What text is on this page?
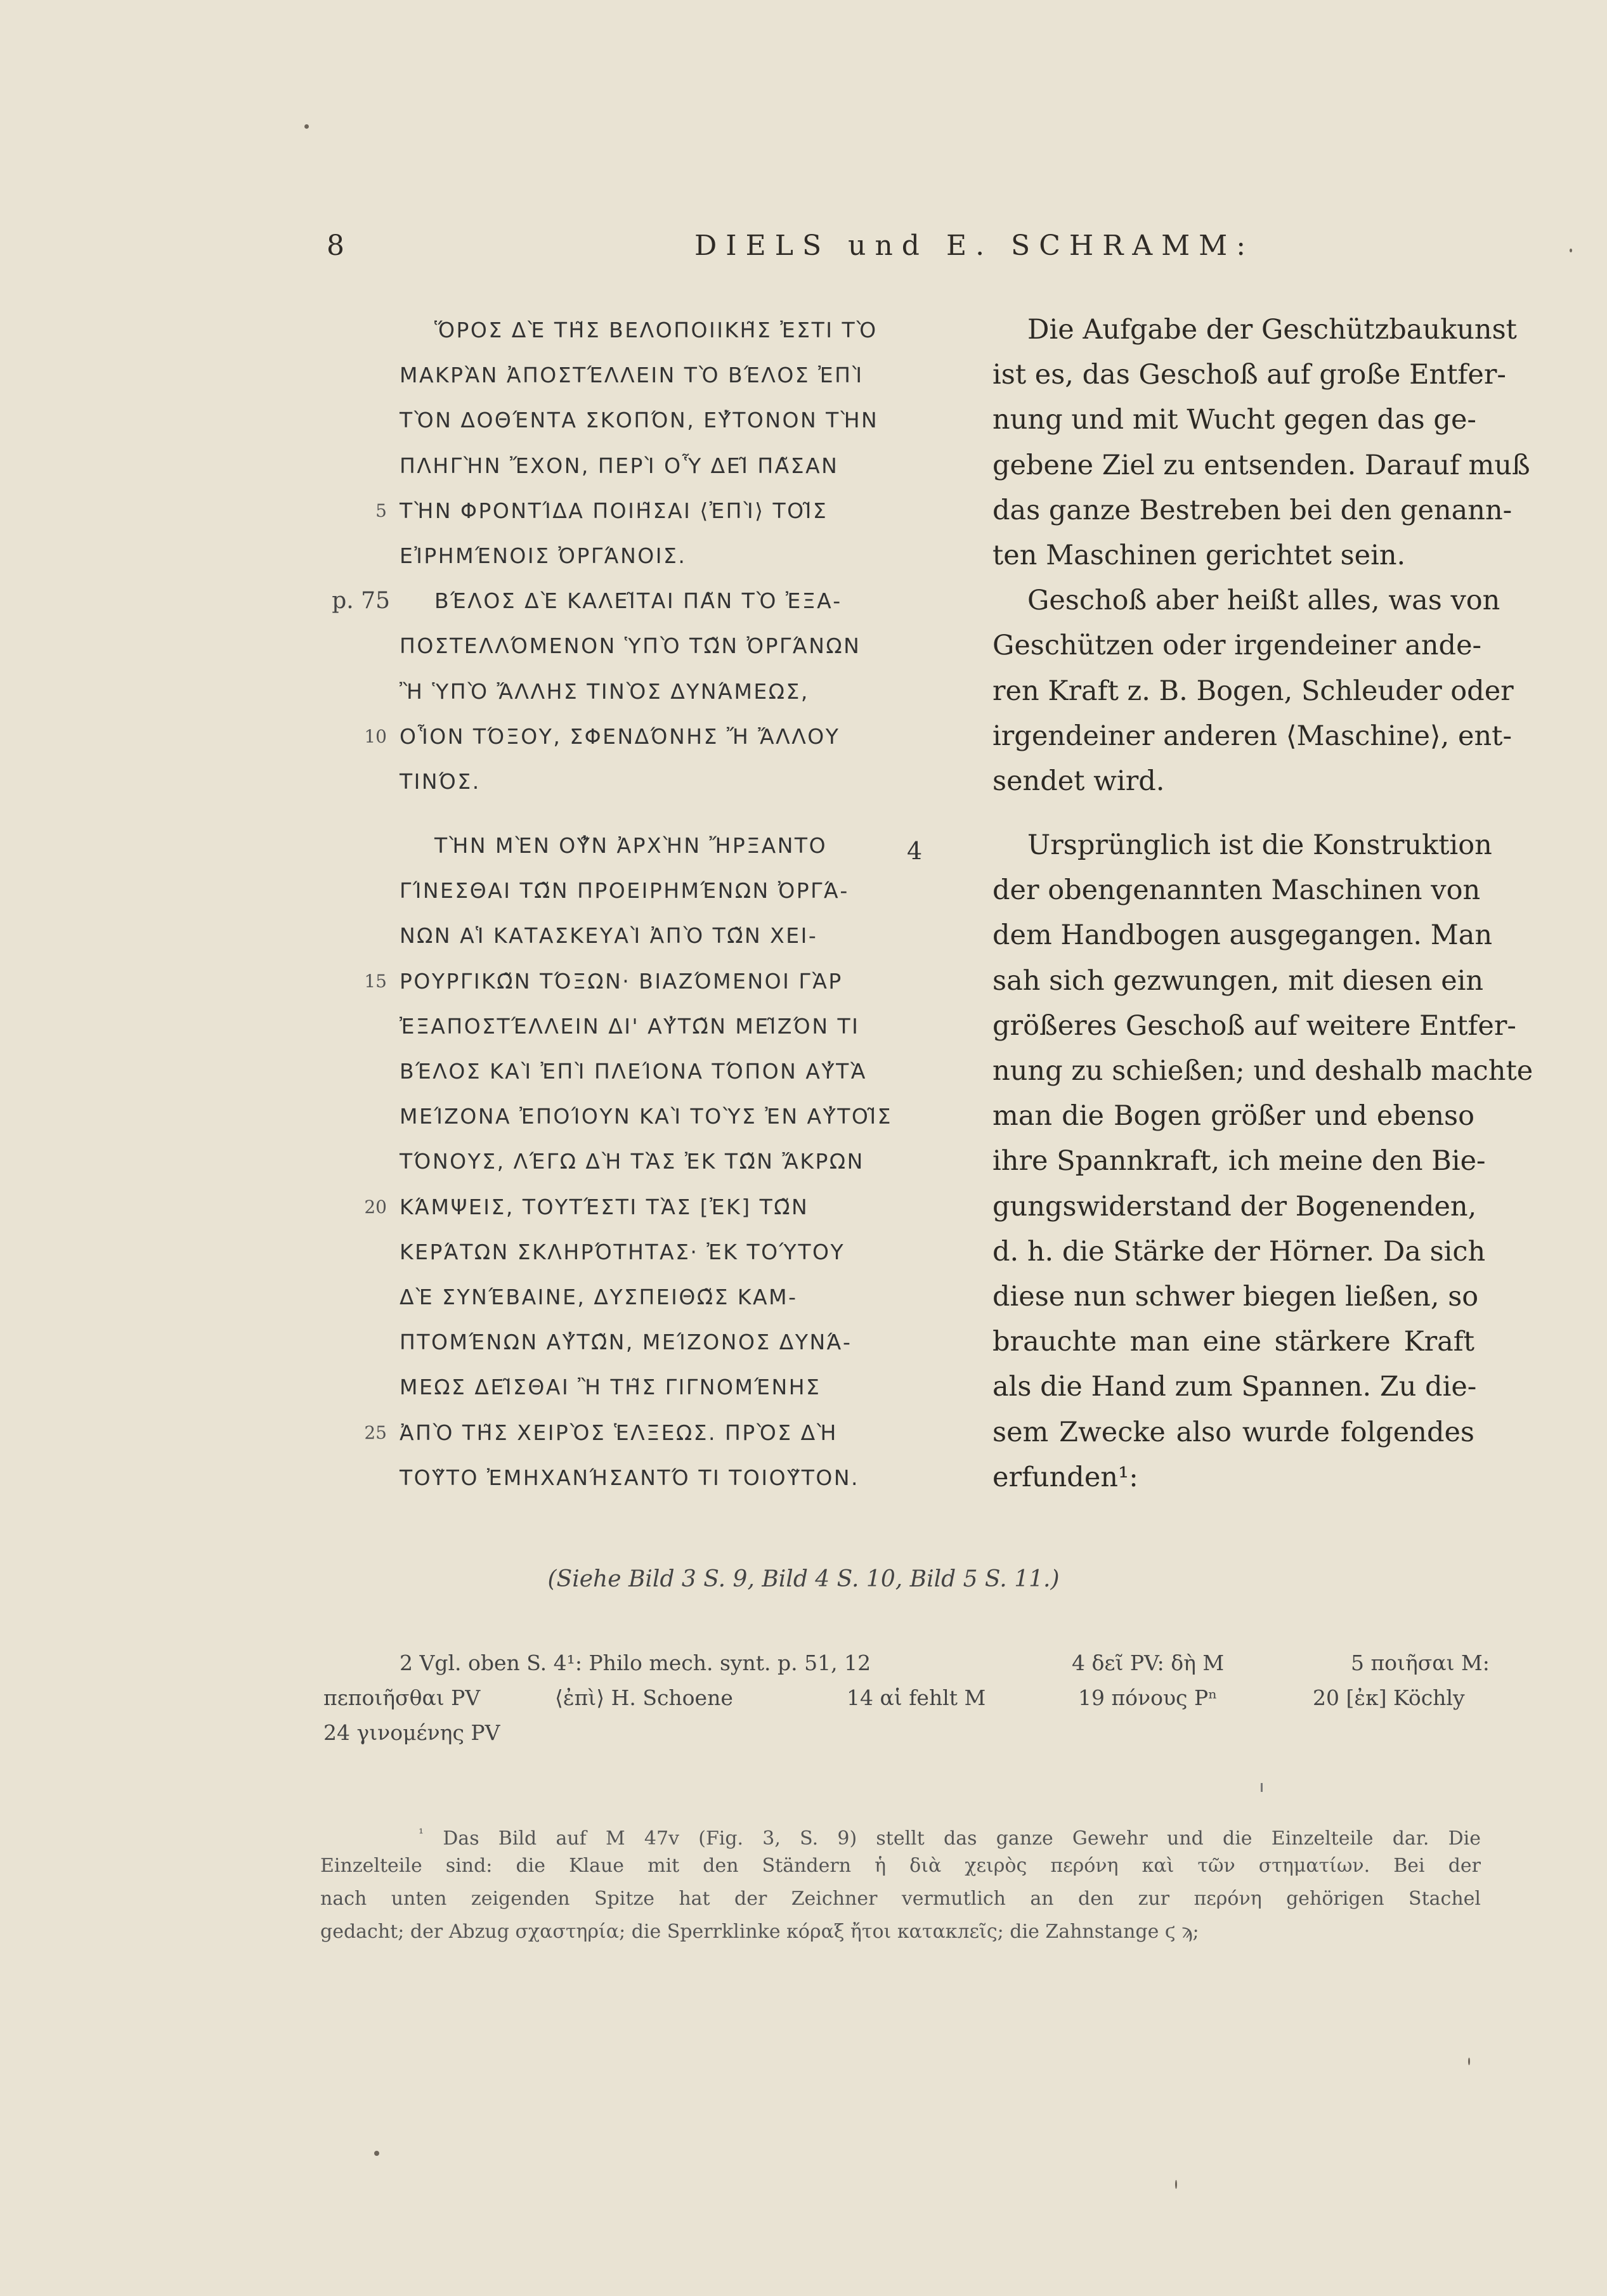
8	DIELS und E. SCHRAMM:
ὍΡΟΣ ΔῈ ΤΗ͂Σ ΒΕΛΟΠΟΙΙΚΗ͂Σ ἘΣΤΙ ΤῸ
ΜΑΚΡᾺΝ ἈΠΟΣΤΈΛΛΕΙΝ ΤῸ ΒΈΛΟΣ ἘΠῚ
ΤῸΝ ΔΟΘΈΝΤΑ ΣΚΟΠΌΝ, ΕΥ̓́ΤΟΝΟΝ ΤῊΝ
ΠΛΗΓῊΝ ἜΧΟΝ, ΠΕΡῚ ΟὟ ΔΕΙ͂ ΠΑ͂ΣΑΝ
5 ΤῊΝ ΦΡΟΝΤΊΔΑ ΠΟΙΗ͂ΣΑΙ ⟨ἘΠῚ⟩ ΤΟΙ͂Σ
ΕἸΡΗΜΈΝΟΙΣ ὈΡΓΆΝΟΙΣ.
p. 75 ΒΈΛΟΣ ΔῈ ΚΑΛΕΙ͂ΤΑΙ ΠΑ͂Ν ΤῸ ἘΞΑ-
ΠΟΣΤΕΛΛΌΜΕΝΟΝ ὙΠῸ ΤΩ͂Ν ὈΡΓΆΝΩΝ
Ἢ ὙΠῸ ἌΛΛΗΣ ΤΙΝῸΣ ΔΥΝΆΜΕΩΣ,
10 ΟἿΟΝ ΤΌΞΟΥ, ΣΦΕΝΔΌΝΗΣ Ἤ ἌΛΛΟΥ
ΤΙΝΌΣ.
ΤῊΝ ΜῈΝ ΟΥ̓͂Ν ἈΡΧῊΝ ἬΡΞΑΝΤΟ
ΓΊΝΕΣΘΑΙ ΤΩ͂Ν ΠΡΟΕΙΡΗΜΈΝΩΝ ὈΡΓΆ-
ΝΩΝ ΑἹ ΚΑΤΑΣΚΕΥΑῚ ἈΠῸ ΤΩ͂Ν ΧΕΙ-
15 ΡΟΥΡΓΙΚΩ͂Ν ΤΌΞΩΝ· ΒΙΑΖΌΜΕΝΟΙ ΓᾺΡ
ἘΞΑΠΟΣΤΈΛΛΕΙΝ ΔΙ' ΑΥ̓ΤΩ͂Ν ΜΕΙ͂ΖΌΝ ΤΙ
ΒΈΛΟΣ ΚΑῚ ἘΠῚ ΠΛΕΊΟΝΑ ΤΌΠΟΝ ΑΥ̓ΤᾺ
ΜΕΊΖΟΝΑ ἘΠΟΊΟΥΝ ΚΑῚ ΤΟῪΣ ἘΝ ΑΥ̓ΤΟΙ͂Σ
ΤΌΝΟΥΣ, ΛΈΓΩ ΔῊ ΤᾺΣ ἘΚ ΤΩ͂Ν ἌΚΡΩΝ
20 ΚΆΜΨΕΙΣ, ΤΟΥΤΈΣΤΙ ΤᾺΣ [ἘΚ] ΤΩ͂Ν
ΚΕΡΆΤΩΝ ΣΚΛΗΡΌΤΗΤΑΣ· ἘΚ ΤΟΎΤΟΥ
ΔῈ ΣΥΝΈΒΑΙΝΕ, ΔΥΣΠΕΙΘΩ͂Σ ΚΑΜ-
ΠΤΟΜΈΝΩΝ ΑΥ̓ΤΩ͂Ν, ΜΕΊΖΟΝΟΣ ΔΥΝΆ-
ΜΕΩΣ ΔΕΙ͂ΣΘΑΙ Ἢ ΤΗ͂Σ ΓΙΓΝΟΜΈΝΗΣ
25 ἈΠῸ ΤΗ͂Σ ΧΕΙΡῸΣ ἙΛΞΕΩΣ. ΠΡῸΣ ΔῊ
ΤΟΥ͂ΤΟ ἘΜΗΧΑΝΉΣΑΝΤΌ ΤΙ ΤΟΙΟΥ͂ΤΟΝ.
4
Die Aufgabe der Geschützbaukunst
ist es, das Geschoß auf große Entfer-
nung und mit Wucht gegen das ge-
gebene Ziel zu entsenden. Darauf muß
das ganze Bestreben bei den genann-
ten Maschinen gerichtet sein.
Geschoß aber heißt alles, was von
Geschützen oder irgendeiner ande-
ren Kraft z. B. Bogen, Schleuder oder
irgendeiner anderen ⟨Maschine⟩, ent-
sendet wird.
Ursprünglich ist die Konstruktion
der obengenannten Maschinen von
dem Handbogen ausgegangen. Man
sah sich gezwungen, mit diesen ein
größeres Geschoß auf weitere Entfer-
nung zu schießen; und deshalb machte
man die Bogen größer und ebenso
ihre Spannkraft, ich meine den Bie-
gungswiderstand der Bogenenden,
d. h. die Stärke der Hörner. Da sich
diese nun schwer biegen ließen, so
brauchte man eine stärkere Kraft
als die Hand zum Spannen. Zu die-
sem Zwecke also wurde folgendes
erfunden¹:
(Siehe Bild 3 S. 9, Bild 4 S. 10, Bild 5 S. 11.)
2 Vgl. oben S. 4¹: Philo mech. synt. p. 51, 12	4 δεῖ PV: δὴ M	5 ποιῆσαι M:
πεποιῆσθαι PV	⟨ἐπὶ⟩ H. Schoene	14 αἱ fehlt M	19 πόνους Pⁿ	20 [ἐκ] Köchly
24 γινομένης PV
$^{^1}$ Das Bild auf M 47v (Fig. 3, S. 9) stellt das ganze Gewehr und die Einzelteile dar. Die
Einzelteile sind: die Klaue mit den Ständern ἡ διὰ χειρὸς περόνη καὶ τῶν στηματίων. Bei der
nach unten zeigenden Spitze hat der Zeichner vermutlich an den zur περόνη gehörigen Stachel
gedacht; der Abzug σχαστηρία; die Sperrklinke κόραξ ἤτοι καταклεῖς; die Zahnstange ϛ ϡ;
